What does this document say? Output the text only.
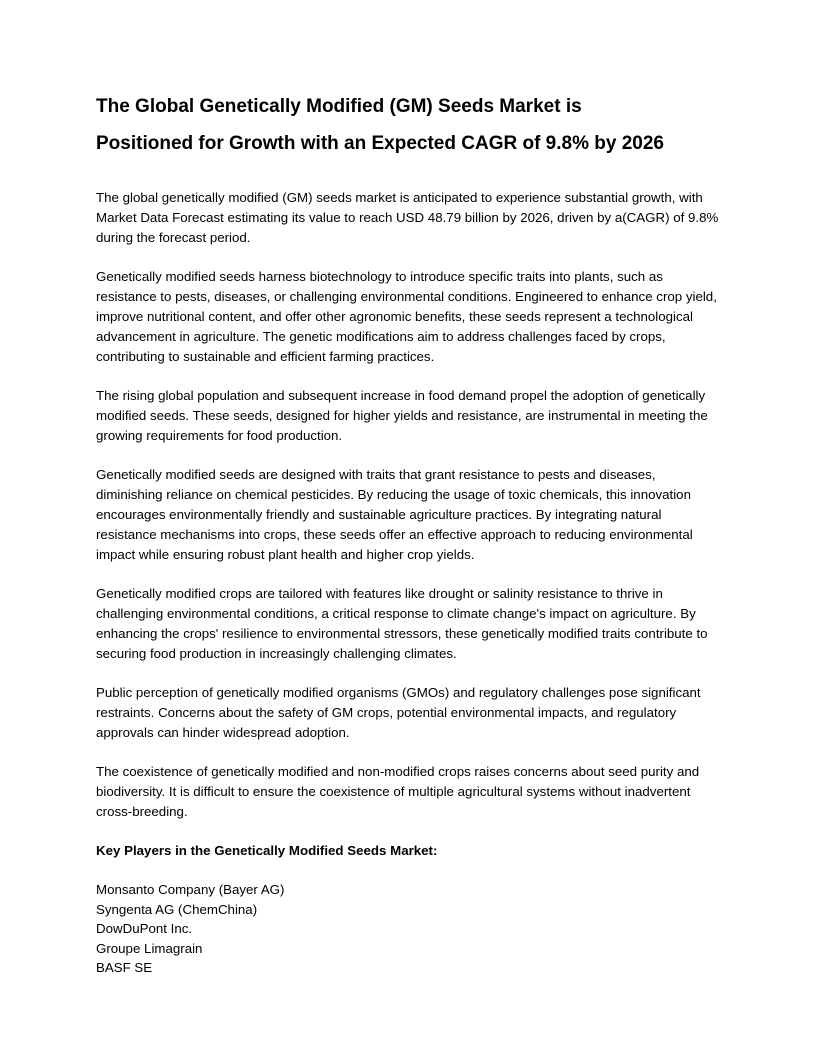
The Global Genetically Modified (GM) Seeds Market is
Positioned for Growth with an Expected CAGR of 9.8% by 2026

The global genetically modified (GM) seeds market is anticipated to experience substantial growth, with Market Data Forecast estimating its value to reach USD 48.79 billion by 2026, driven by a(CAGR) of 9.8% during the forecast period.

Genetically modified seeds harness biotechnology to introduce specific traits into plants, such as resistance to pests, diseases, or challenging environmental conditions. Engineered to enhance crop yield, improve nutritional content, and offer other agronomic benefits, these seeds represent a technological advancement in agriculture. The genetic modifications aim to address challenges faced by crops, contributing to sustainable and efficient farming practices.

The rising global population and subsequent increase in food demand propel the adoption of genetically modified seeds. These seeds, designed for higher yields and resistance, are instrumental in meeting the growing requirements for food production.

Genetically modified seeds are designed with traits that grant resistance to pests and diseases, diminishing reliance on chemical pesticides. By reducing the usage of toxic chemicals, this innovation encourages environmentally friendly and sustainable agriculture practices. By integrating natural resistance mechanisms into crops, these seeds offer an effective approach to reducing environmental impact while ensuring robust plant health and higher crop yields.

Genetically modified crops are tailored with features like drought or salinity resistance to thrive in challenging environmental conditions, a critical response to climate change's impact on agriculture. By enhancing the crops' resilience to environmental stressors, these genetically modified traits contribute to securing food production in increasingly challenging climates.

Public perception of genetically modified organisms (GMOs) and regulatory challenges pose significant restraints. Concerns about the safety of GM crops, potential environmental impacts, and regulatory approvals can hinder widespread adoption.

The coexistence of genetically modified and non-modified crops raises concerns about seed purity and biodiversity. It is difficult to ensure the coexistence of multiple agricultural systems without inadvertent cross-breeding.

Key Players in the Genetically Modified Seeds Market:

Monsanto Company (Bayer AG)
Syngenta AG (ChemChina)
DowDuPont Inc.
Groupe Limagrain
BASF SE
